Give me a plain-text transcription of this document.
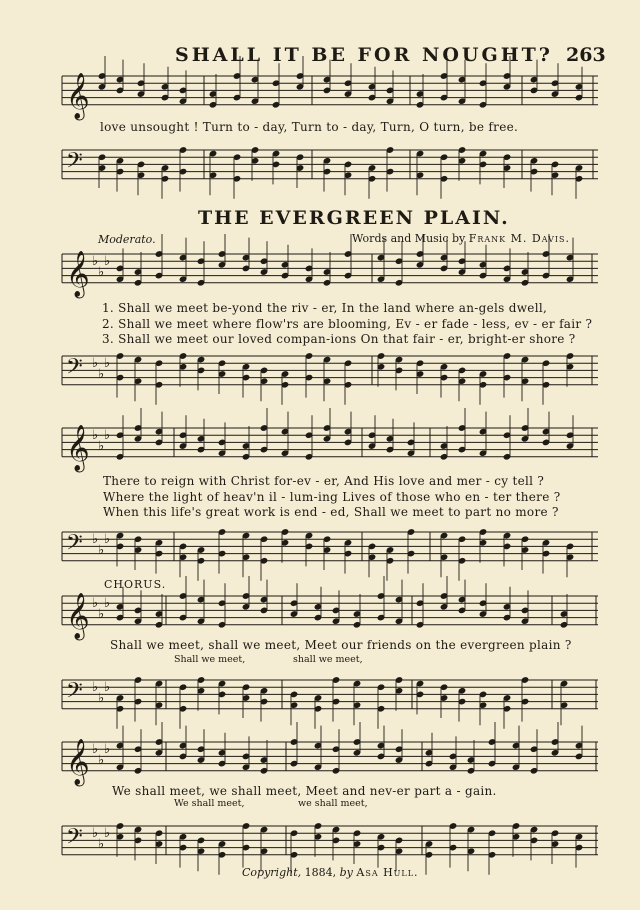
SHALL IT BE FOR NOUGHT? 263
𝄞
𝄢
𝄞 ♭
♭
♭
𝄢 ♭
♭
♭
𝄞 ♭
♭
♭
𝄢 ♭
♭
♭
𝄞 ♭
♭
♭
𝄢 ♭
♭
♭
𝄞 ♭
♭
♭
𝄢 ♭
♭
♭
love unsought ! Turn to - day, Turn to - day, Turn, O turn, be free.
THE EVERGREEN PLAIN.
Moderato.	Words and Music by Frank M. Davis.
1. Shall we meet be-yond the riv - er, In the land where an-gels dwell,
2. Shall we meet where flow'rs are blooming, Ev - er fade - less, ev - er fair ?
3. Shall we meet our loved compan-ions On that fair - er, bright-er shore ?
There to reign with Christ for-ev - er, And His love and mer - cy tell ?
Where the light of heav'n il - lum-ing Lives of those who en - ter there ?
When this life's great work is end - ed, Shall we meet to part no more ?
CHORUS.
Shall we meet, shall we meet, Meet our friends on the evergreen plain ?
Shall we meet,	shall we meet,
We shall meet, we shall meet, Meet and nev-er part a - gain.
We shall meet,	we shall meet,
Copyright, 1884, by Asa Hull.
